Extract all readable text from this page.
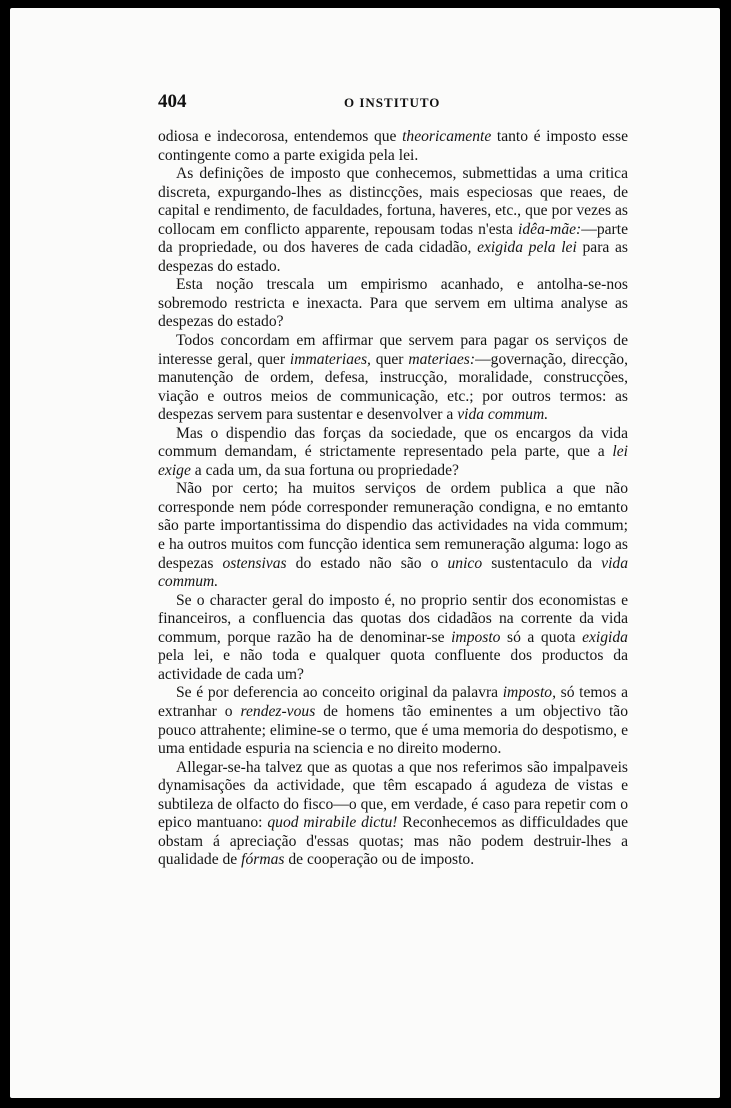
404	O INSTITUTO

odiosa e indecorosa, entendemos que theoricamente tanto é imposto esse contingente como a parte exigida pela lei.

As definições de imposto que conhecemos, submettidas a uma critica discreta, expurgando-lhes as distincções, mais especiosas que reaes, de capital e rendimento, de faculdades, fortuna, haveres, etc., que por vezes as collocam em conflicto apparente, repousam todas n'esta idêa-mãe:—parte da propriedade, ou dos haveres de cada cidadão, exigida pela lei para as despezas do estado.

Esta noção trescala um empirismo acanhado, e antolha-se-nos sobremodo restricta e inexacta. Para que servem em ultima analyse as despezas do estado?

Todos concordam em affirmar que servem para pagar os serviços de interesse geral, quer immateriaes, quer materiaes:—governação, direcção, manutenção de ordem, defesa, instrucção, moralidade, construcções, viação e outros meios de communicação, etc.; por outros termos: as despezas servem para sustentar e desenvolver a vida commum.

Mas o dispendio das forças da sociedade, que os encargos da vida commum demandam, é strictamente representado pela parte, que a lei exige a cada um, da sua fortuna ou propriedade?

Não por certo; ha muitos serviços de ordem publica a que não corresponde nem póde corresponder remuneração condigna, e no emtanto são parte importantissima do dispendio das actividades na vida commum; e ha outros muitos com funcção identica sem remuneração alguma: logo as despezas ostensivas do estado não são o unico sustentaculo da vida commum.

Se o character geral do imposto é, no proprio sentir dos economistas e financeiros, a confluencia das quotas dos cidadãos na corrente da vida commum, porque razão ha de denominar-se imposto só a quota exigida pela lei, e não toda e qualquer quota confluente dos productos da actividade de cada um?

Se é por deferencia ao conceito original da palavra imposto, só temos a extranhar o rendez-vous de homens tão eminentes a um objectivo tão pouco attrahente; elimine-se o termo, que é uma memoria do despotismo, e uma entidade espuria na sciencia e no direito moderno.

Allegar-se-ha talvez que as quotas a que nos referimos são impalpaveis dynamisações da actividade, que têm escapado á agudeza de vistas e subtileza de olfacto do fisco—o que, em verdade, é caso para repetir com o epico mantuano: quod mirabile dictu! Reconhecemos as difficuldades que obstam á apreciação d'essas quotas; mas não podem destruir-lhes a qualidade de fórmas de cooperação ou de imposto.
